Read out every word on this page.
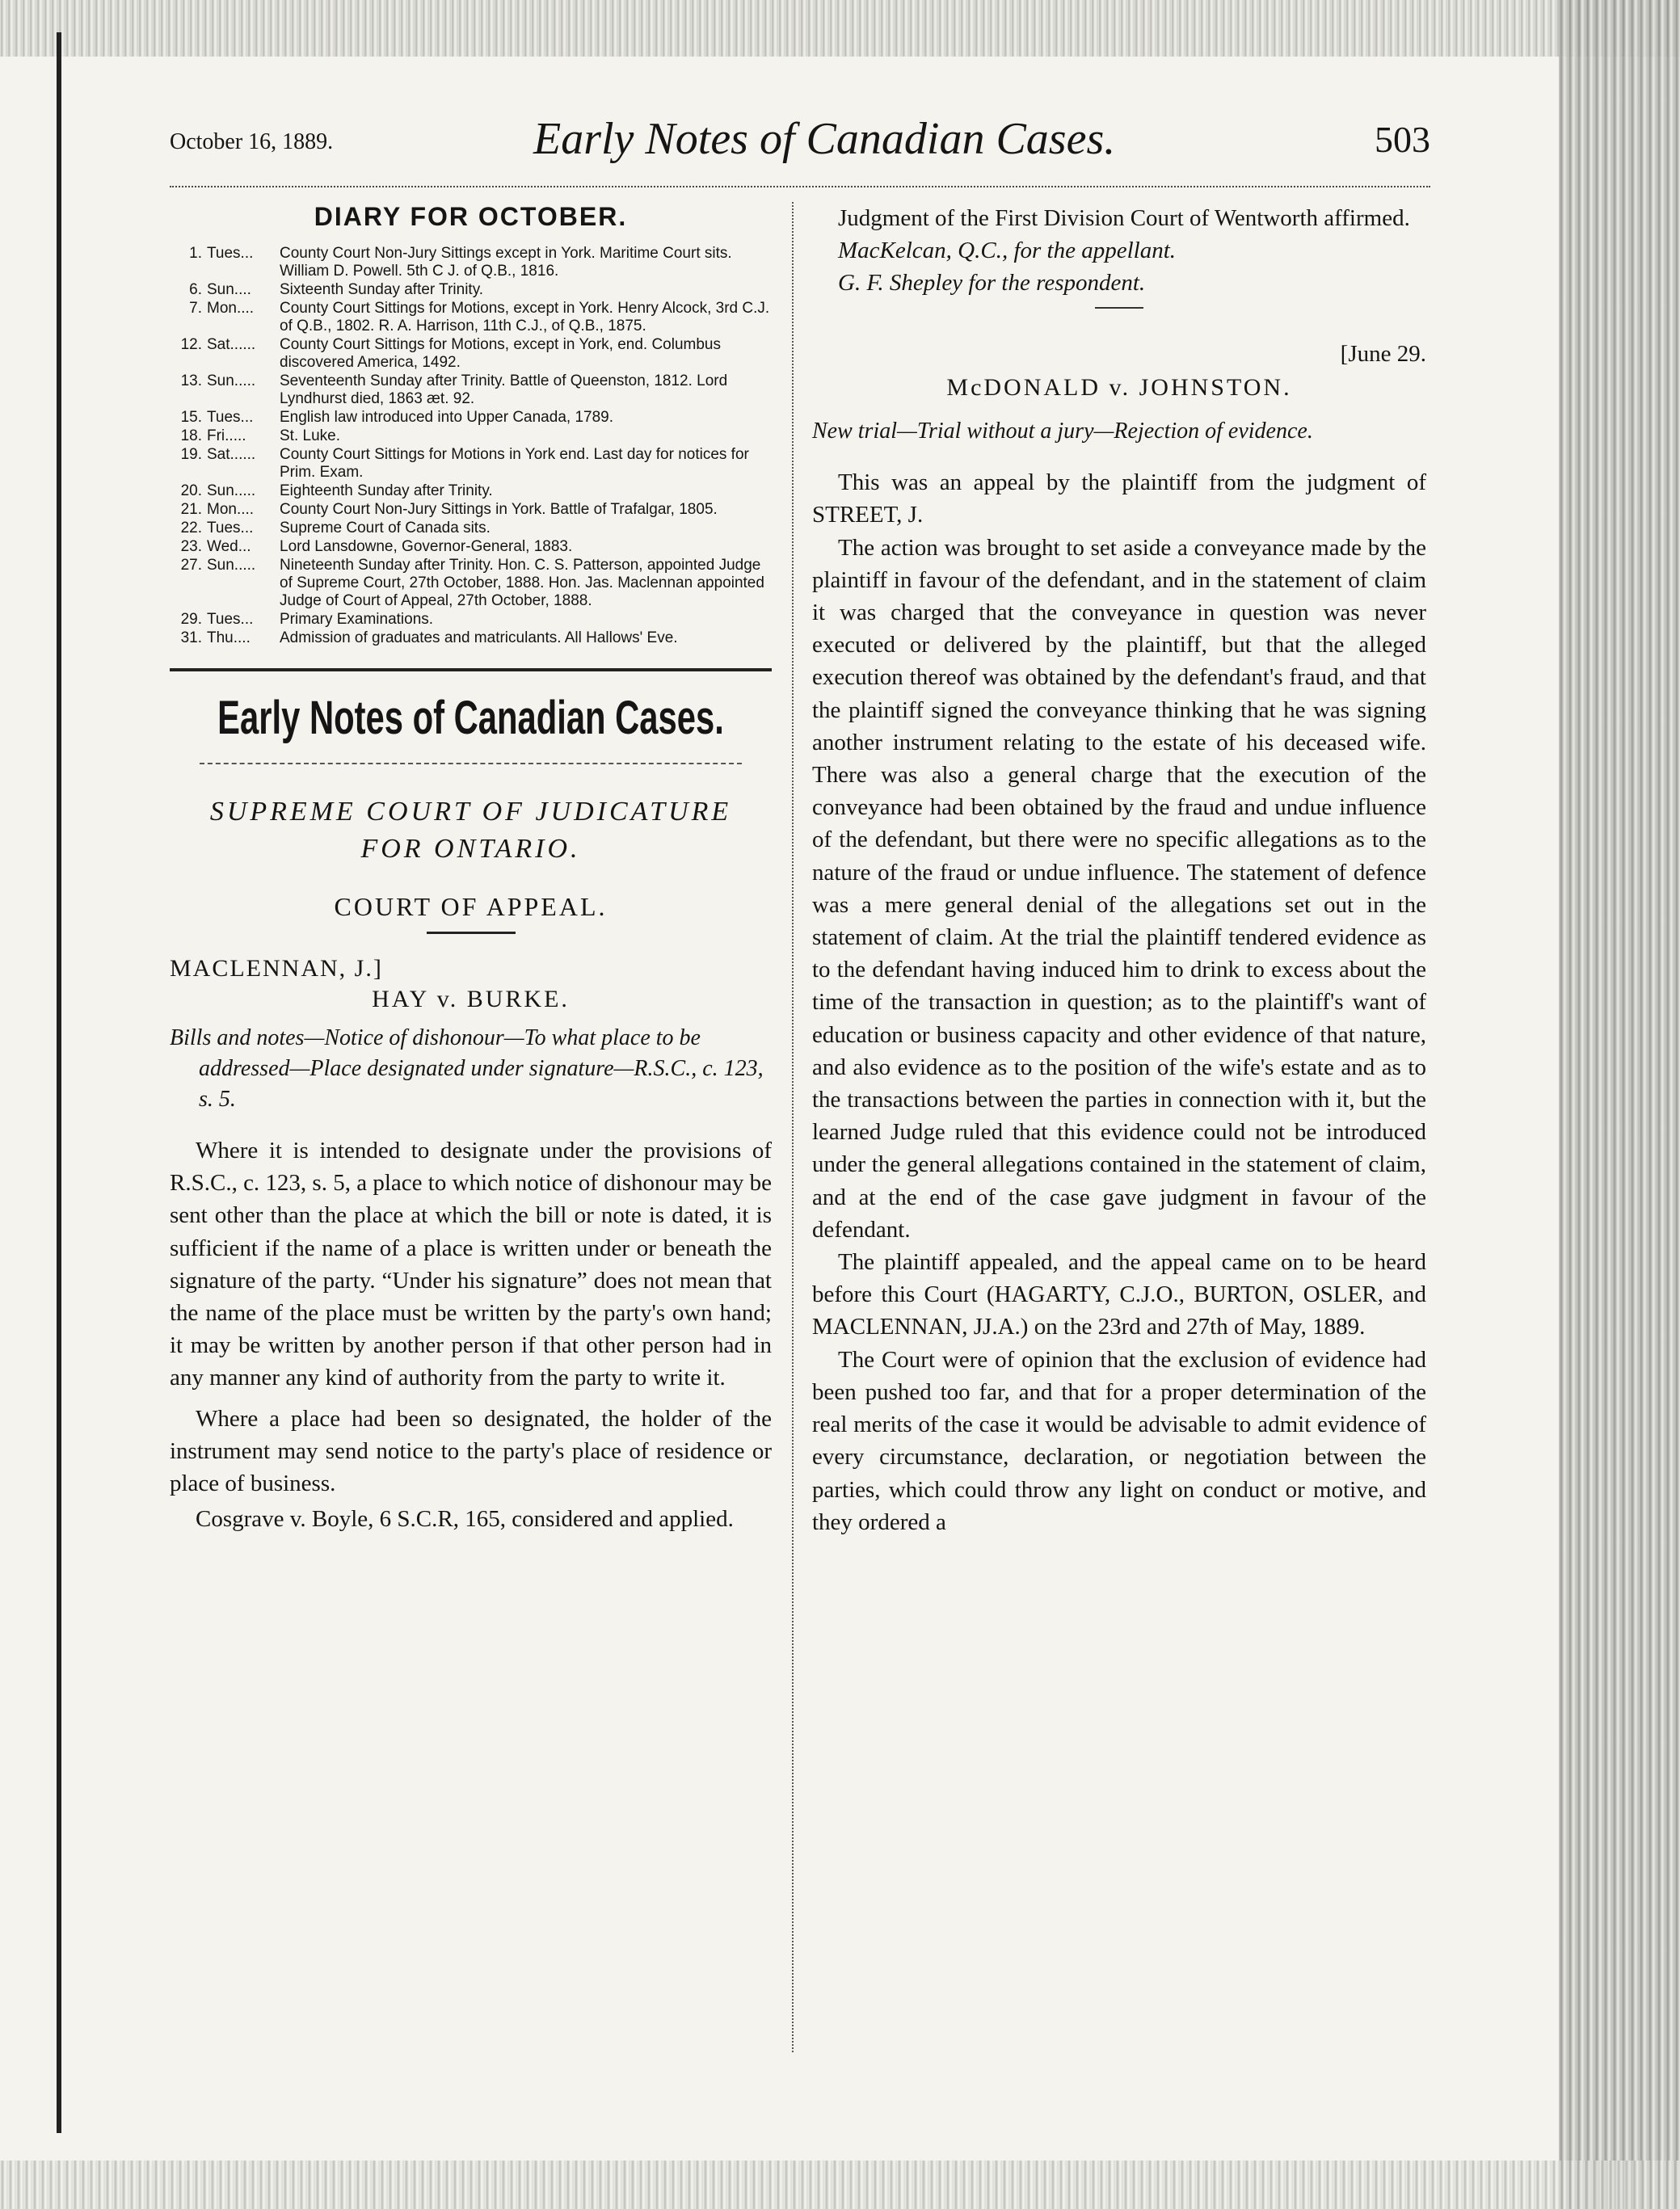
October 16, 1889.	Early Notes of Canadian Cases.	503
DIARY FOR OCTOBER.
1. Tues...	County Court Non-Jury Sittings except in York. Maritime Court sits. William D. Powell. 5th C J. of Q.B., 1816.
6. Sun....	Sixteenth Sunday after Trinity.
7. Mon....	County Court Sittings for Motions, except in York. Henry Alcock, 3rd C.J. of Q.B., 1802. R. A. Harrison, 11th C.J., of Q.B., 1875.
12. Sat......	County Court Sittings for Motions, except in York, end. Columbus discovered America, 1492.
13. Sun.....	Seventeenth Sunday after Trinity. Battle of Queenston, 1812. Lord Lyndhurst died, 1863 æt. 92.
15. Tues...	English law introduced into Upper Canada, 1789.
18. Fri.....	St. Luke.
19. Sat......	County Court Sittings for Motions in York end. Last day for notices for Prim. Exam.
20. Sun.....	Eighteenth Sunday after Trinity.
21. Mon....	County Court Non-Jury Sittings in York. Battle of Trafalgar, 1805.
22. Tues...	Supreme Court of Canada sits.
23. Wed...	Lord Lansdowne, Governor-General, 1883.
27. Sun.....	Nineteenth Sunday after Trinity. Hon. C. S. Patterson, appointed Judge of Supreme Court, 27th October, 1888. Hon. Jas. Maclennan appointed Judge of Court of Appeal, 27th October, 1888.
29. Tues...	Primary Examinations.
31. Thu....	Admission of graduates and matriculants. All Hallows' Eve.
Early Notes of Canadian Cases.
SUPREME COURT OF JUDICATURE
FOR ONTARIO.
COURT OF APPEAL.
MACLENNAN, J.]
HAY v. BURKE.
Bills and notes—Notice of dishonour—To what place to be addressed—Place designated under signature—R.S.C., c. 123, s. 5.

Where it is intended to designate under the provisions of R.S.C., c. 123, s. 5, a place to which notice of dishonour may be sent other than the place at which the bill or note is dated, it is sufficient if the name of a place is written under or beneath the signature of the party. “Under his signature” does not mean that the name of the place must be written by the party's own hand; it may be written by another person if that other person had in any manner any kind of authority from the party to write it.

Where a place had been so designated, the holder of the instrument may send notice to the party's place of residence or place of business.

Cosgrave v. Boyle, 6 S.C.R, 165, considered and applied.

Judgment of the First Division Court of Wentworth affirmed.

MacKelcan, Q.C., for the appellant.

G. F. Shepley for the respondent.

[June 29.
McDONALD v. JOHNSTON.
New trial—Trial without a jury—Rejection of evidence.

This was an appeal by the plaintiff from the judgment of STREET, J.

The action was brought to set aside a conveyance made by the plaintiff in favour of the defendant, and in the statement of claim it was charged that the conveyance in question was never executed or delivered by the plaintiff, but that the alleged execution thereof was obtained by the defendant's fraud, and that the plaintiff signed the conveyance thinking that he was signing another instrument relating to the estate of his deceased wife. There was also a general charge that the execution of the conveyance had been obtained by the fraud and undue influence of the defendant, but there were no specific allegations as to the nature of the fraud or undue influence. The statement of defence was a mere general denial of the allegations set out in the statement of claim. At the trial the plaintiff tendered evidence as to the defendant having induced him to drink to excess about the time of the transaction in question; as to the plaintiff's want of education or business capacity and other evidence of that nature, and also evidence as to the position of the wife's estate and as to the transactions between the parties in connection with it, but the learned Judge ruled that this evidence could not be introduced under the general allegations contained in the statement of claim, and at the end of the case gave judgment in favour of the defendant.

The plaintiff appealed, and the appeal came on to be heard before this Court (HAGARTY, C.J.O., BURTON, OSLER, and MACLENNAN, JJ.A.) on the 23rd and 27th of May, 1889.

The Court were of opinion that the exclusion of evidence had been pushed too far, and that for a proper determination of the real merits of the case it would be advisable to admit evidence of every circumstance, declaration, or negotiation between the parties, which could throw any light on conduct or motive, and they ordered a
